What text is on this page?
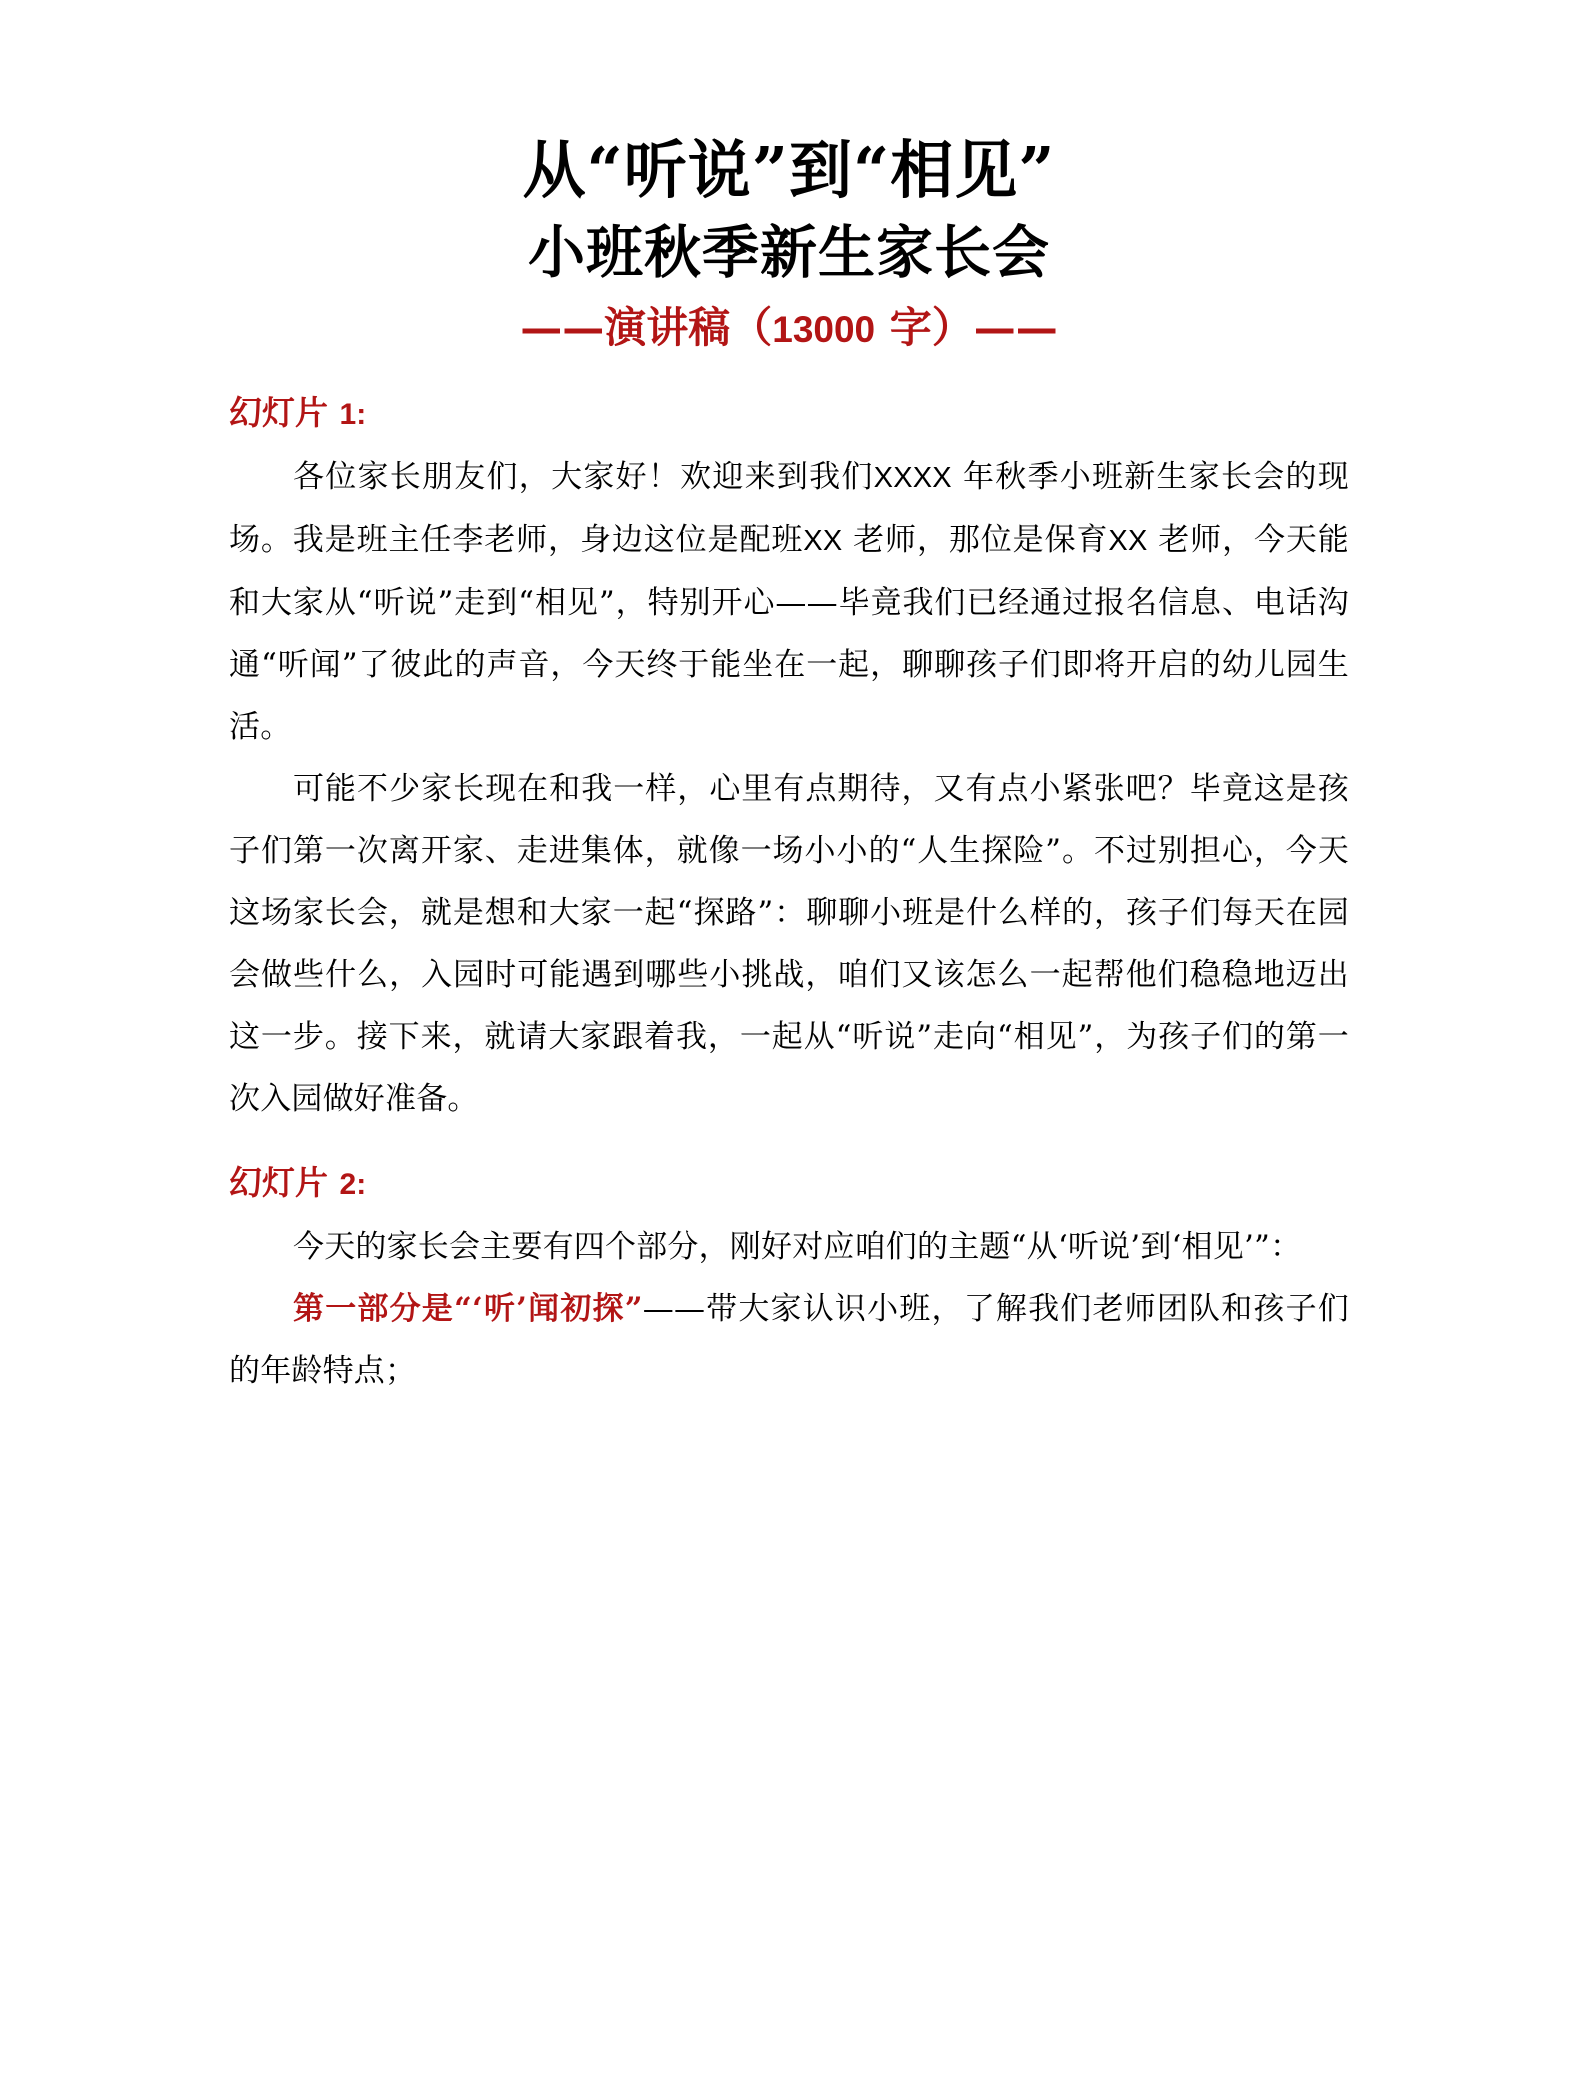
从“听说”到“相见”
小班秋季新生家长会
——演讲稿（13000 字）——
幻灯片 1:

各位家长朋友们，大家好！欢迎来到我们XXXX 年秋季小班新生家长会的现场。我是班主任李老师，身边这位是配班XX 老师，那位是保育XX 老师，今天能和大家从“听说”走到“相见”，特别开心——毕竟我们已经通过报名信息、电话沟通“听闻”了彼此的声音，今天终于能坐在一起，聊聊孩子们即将开启的幼儿园生活。

可能不少家长现在和我一样，心里有点期待，又有点小紧张吧？毕竟这是孩子们第一次离开家、走进集体，就像一场小小的“人生探险”。不过别担心，今天这场家长会，就是想和大家一起“探路”：聊聊小班是什么样的，孩子们每天在园会做些什么，入园时可能遇到哪些小挑战，咱们又该怎么一起帮他们稳稳地迈出这一步。接下来，就请大家跟着我，一起从“听说”走向“相见”，为孩子们的第一次入园做好准备。

幻灯片 2:

今天的家长会主要有四个部分，刚好对应咱们的主题“从‘听说’到‘相见’”：

第一部分是“‘听’闻初探”——带大家认识小班，了解我们老师团队和孩子们的年龄特点；
